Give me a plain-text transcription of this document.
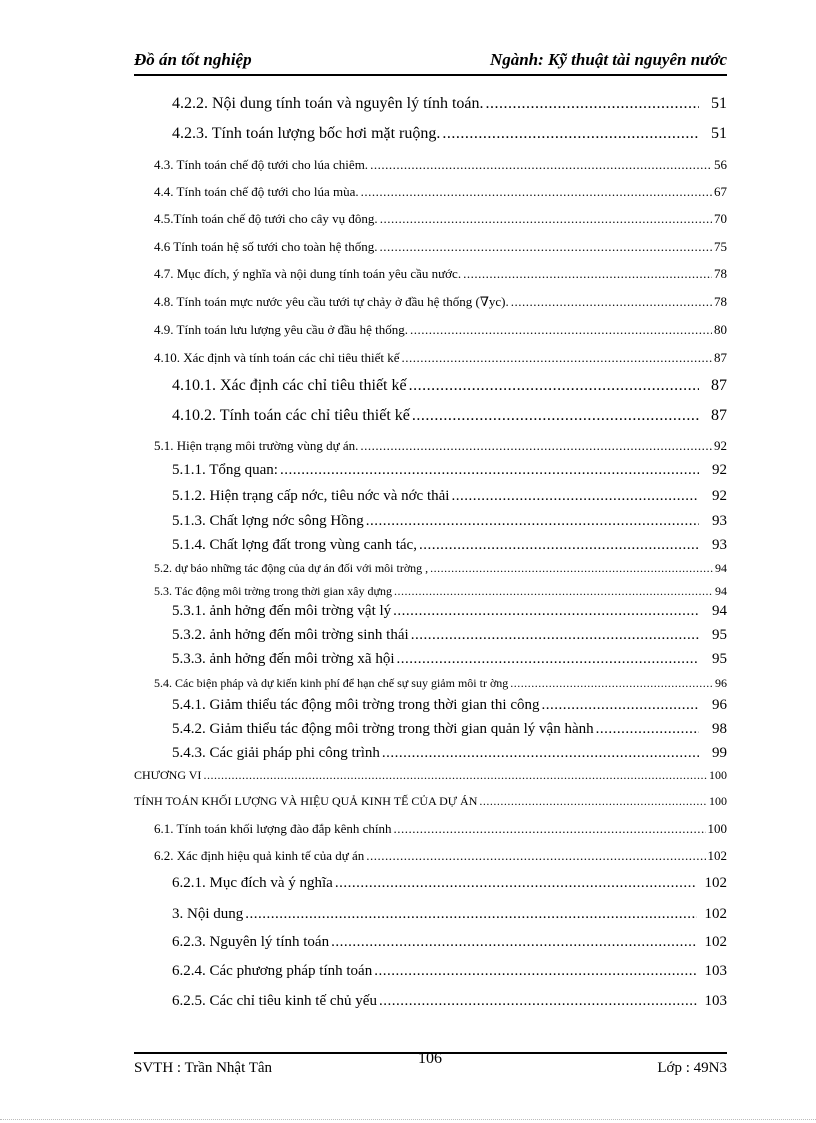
Đồ án tốt nghiệp	Ngành: Kỹ thuật tài nguyên nước
4.2.2. Nội dung tính toán và nguyên lý tính toán. .....	51
4.2.3. Tính toán lượng bốc hơi mặt ruộng. .....	51
4.3. Tính toán chế độ tưới cho lúa chiêm. .....	56
4.4. Tính toán chế độ tưới cho lúa mùa. .....	67
4.5.Tính toán chế độ tưới cho cây vụ đông. .....	70
4.6 Tính toán hệ số tưới cho toàn hệ thống. .....	75
4.7. Mục đích, ý nghĩa và nội dung tính toán yêu cầu nước. .....	78
4.8. Tính toán mực nước yêu cầu tưới tự chảy ở đầu hệ thống (∇yc). .....	78
4.9. Tính toán lưu lượng yêu cầu ở đầu hệ thống. .....	80
4.10. Xác định và tính toán các chỉ tiêu thiết kế .....	87
4.10.1. Xác định các chỉ tiêu thiết kế .....	87
4.10.2. Tính toán các chỉ tiêu thiết kế .....	87
5.1. Hiện trạng môi trường vùng dự án. .....	92
5.1.1. Tổng quan: .....	92
5.1.2. Hiện trạng cấp nớc, tiêu nớc và nớc thải .....	92
5.1.3. Chất lợng nớc sông Hồng .....	93
5.1.4. Chất lợng đất trong vùng canh tác, .....	93
5.2. dự báo những tác động của dự án đối với môi trờng , .....	94
5.3. Tác động môi trờng trong thời gian xây dựng .....	94
5.3.1. ảnh hởng đến môi trờng vật lý .....	94
5.3.2. ảnh hởng đến môi trờng sinh thái .....	95
5.3.3. ảnh hởng đến môi trờng xã hội .....	95
5.4. Các biện pháp và dự kiến kinh phí để hạn chế sự suy giảm môi tr ờng .....	96
5.4.1. Giảm thiểu tác động môi trờng trong thời gian thi công .....	96
5.4.2. Giảm thiểu tác động môi trờng trong thời gian quản lý vận hành .....	98
5.4.3. Các giải pháp phi công trình .....	99
CHƯƠNG VI .....	100
TÍNH TOÁN KHỐI LƯỢNG VÀ HIỆU QUẢ KINH TẾ CỦA DỰ ÁN .....	100
6.1. Tính toán khối lượng đào đắp kênh chính .....	100
6.2. Xác định hiệu quả kinh tế của dự án .....	102
6.2.1. Mục đích và ý nghĩa .....	102
3. Nội dung .....	102
6.2.3. Nguyên lý tính toán .....	102
6.2.4. Các phương pháp tính toán .....	103
6.2.5. Các chỉ tiêu kinh tế chủ yếu .....	103
SVTH : Trần Nhật Tân
106
Lớp : 49N3
